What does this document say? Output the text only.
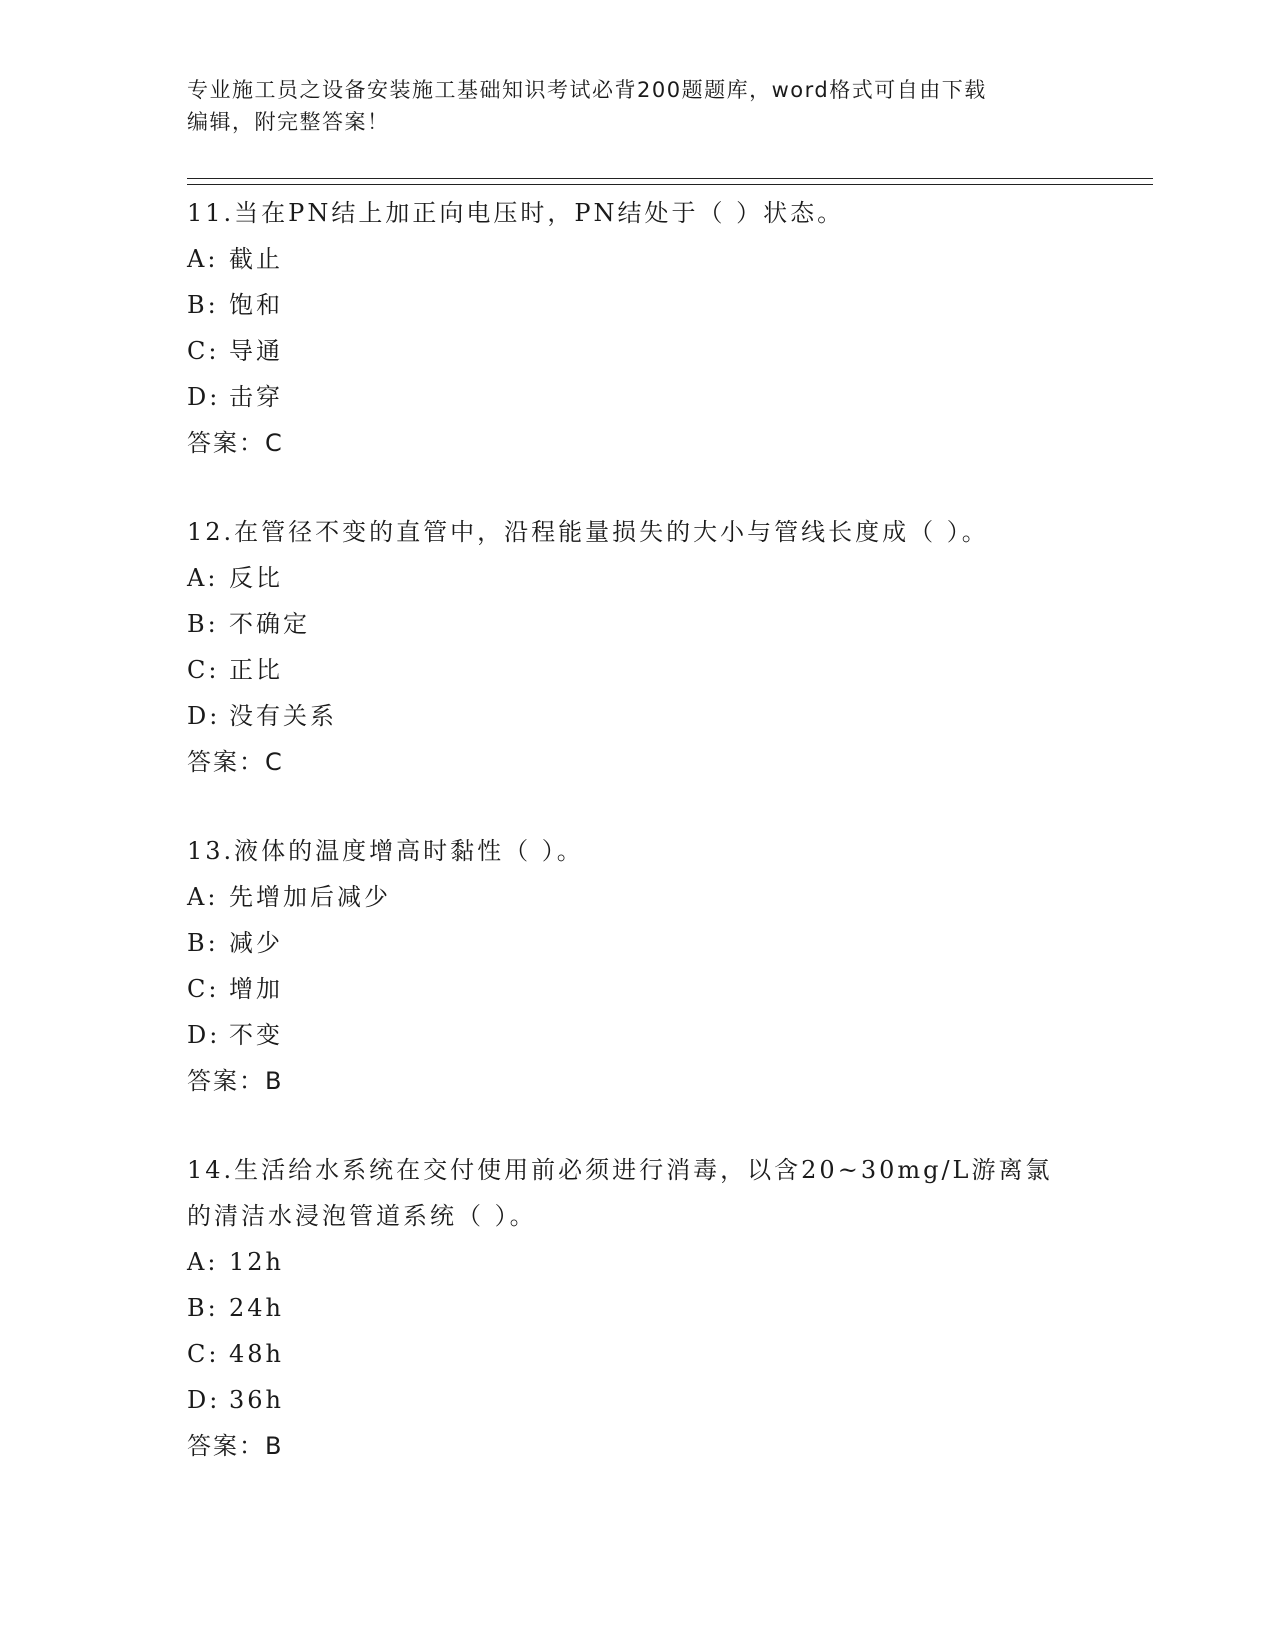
专业施工员之设备安装施工基础知识考试必背200题题库，word格式可自由下载
编辑，附完整答案！

11.当在PN结上加正向电压时，PN结处于（ ）状态。

A: 截止

B: 饱和

C: 导通

D: 击穿

答案：C

12.在管径不变的直管中，沿程能量损失的大小与管线长度成（ ）。

A: 反比

B: 不确定

C: 正比

D: 没有关系

答案：C

13.液体的温度增高时黏性（ ）。

A: 先增加后减少

B: 减少

C: 增加

D: 不变

答案：B

14.生活给水系统在交付使用前必须进行消毒，以含20~30mg/L游离氯

的清洁水浸泡管道系统（ ）。

A: 12h

B: 24h

C: 48h

D: 36h

答案：B
